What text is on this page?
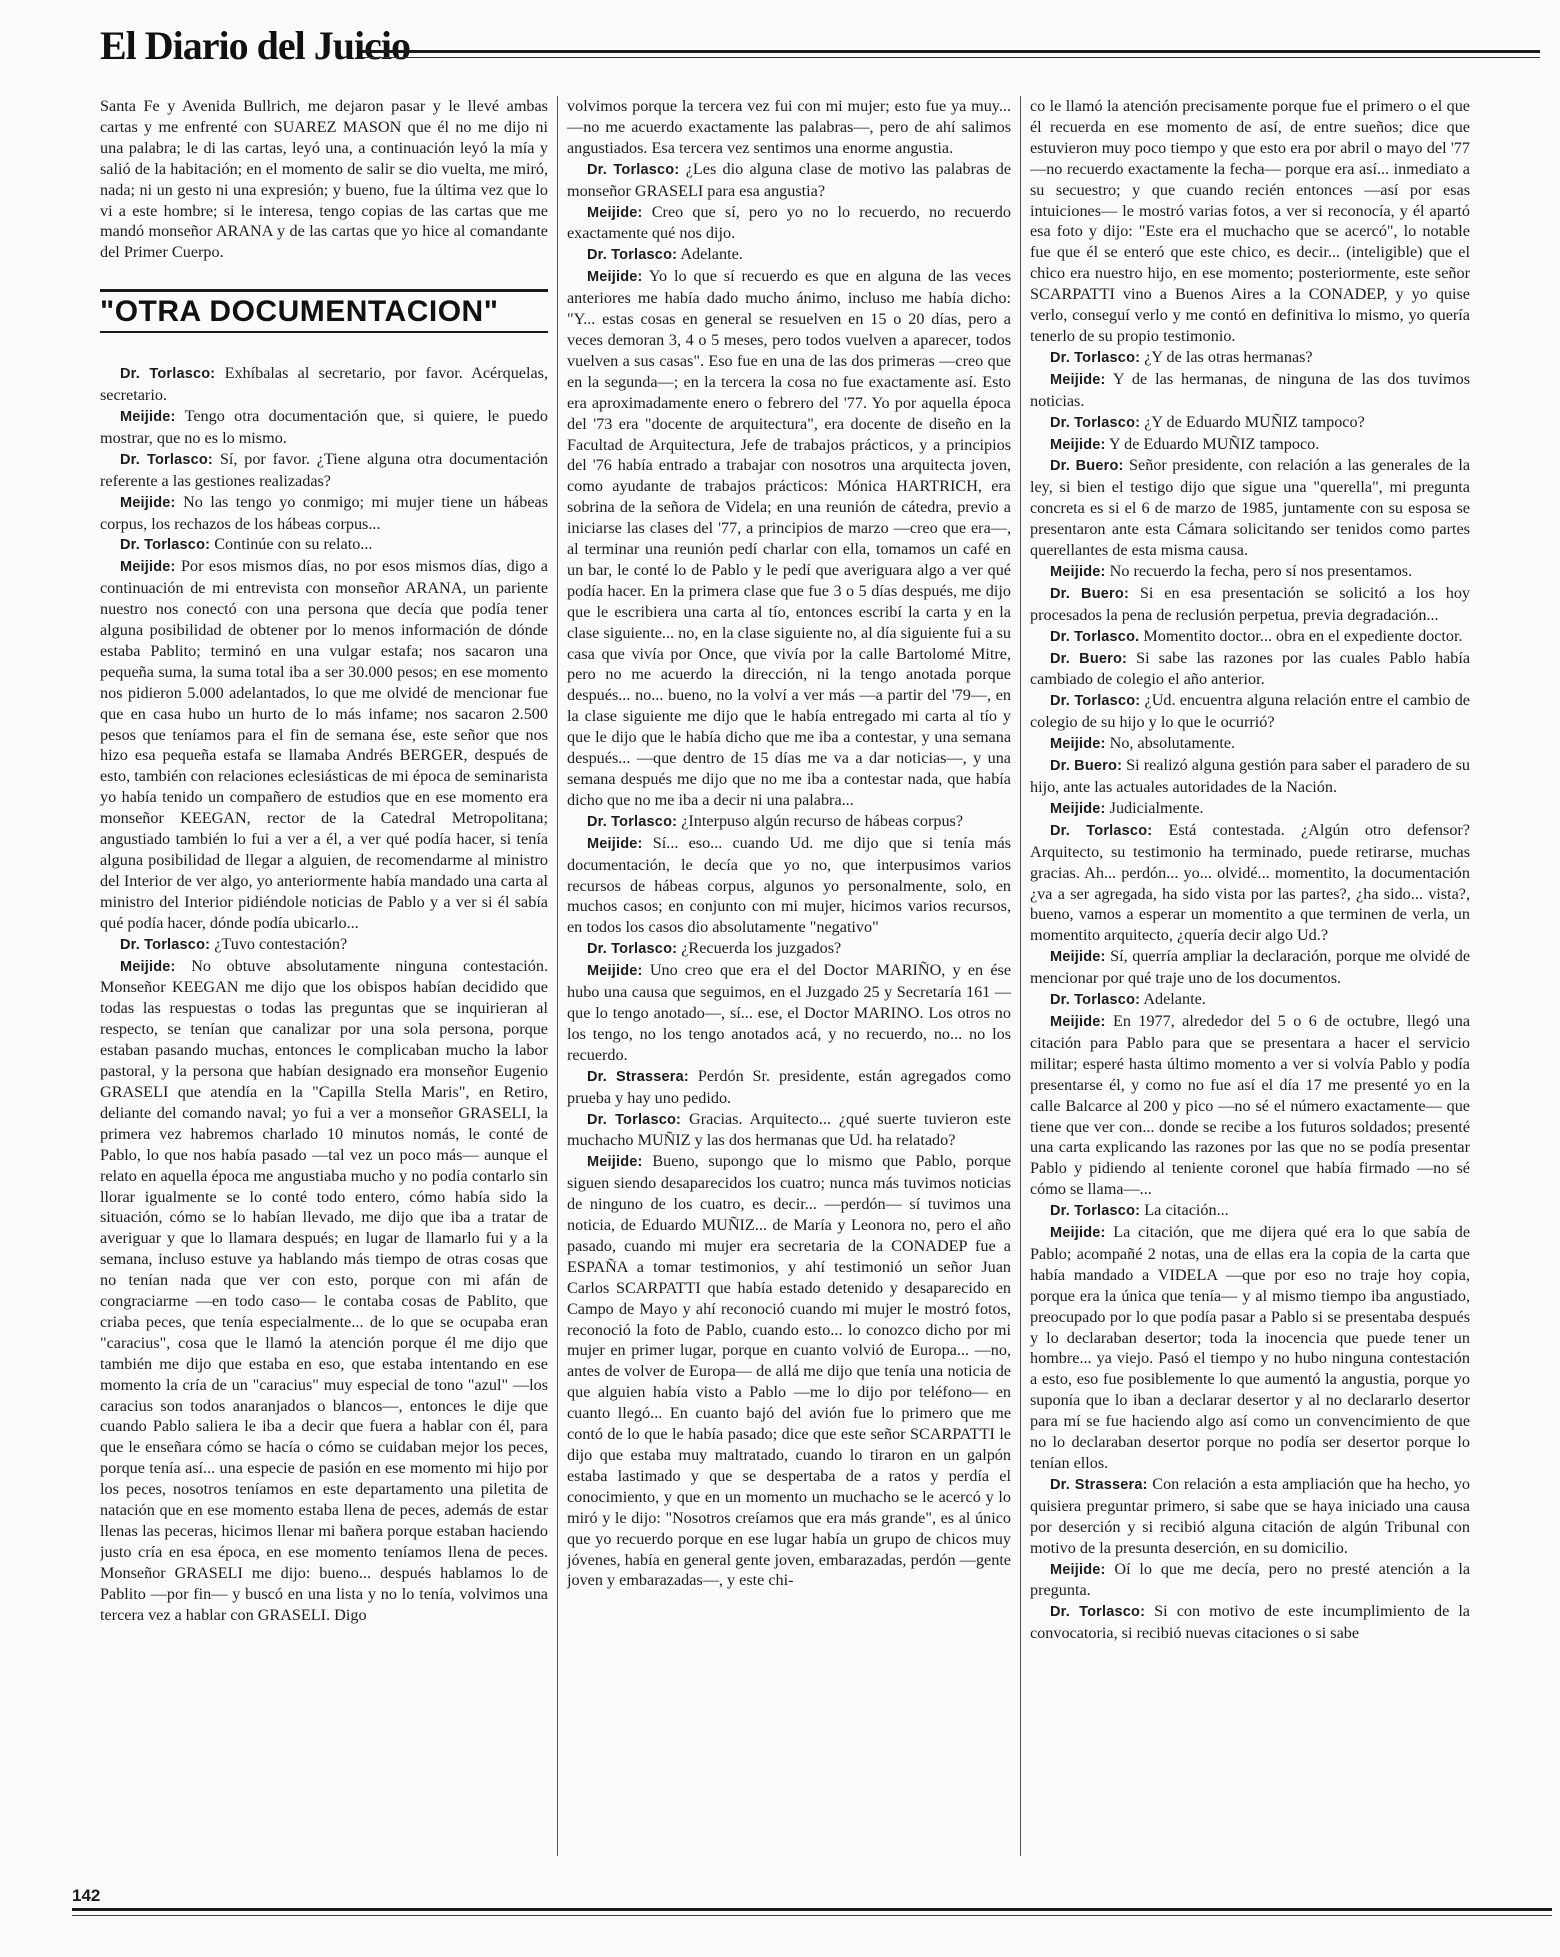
El Diario del Juicio

Santa Fe y Avenida Bullrich, me dejaron pasar y le llevé ambas cartas y me enfrenté con SUAREZ MASON que él no me dijo ni una palabra; le di las cartas, leyó una, a continuación leyó la mía y salió de la habitación; en el momento de salir se dio vuelta, me miró, nada; ni un gesto ni una expresión; y bueno, fue la última vez que lo vi a este hombre; si le interesa, tengo copias de las cartas que me mandó monseñor ARANA y de las cartas que yo hice al comandante del Primer Cuerpo.

"OTRA DOCUMENTACION"

Dr. Torlasco: Exhíbalas al secretario, por favor. Acérquelas, secretario.

Meijide: Tengo otra documentación que, si quiere, le puedo mostrar, que no es lo mismo.

Dr. Torlasco: Sí, por favor. ¿Tiene alguna otra documentación referente a las gestiones realizadas?

Meijide: No las tengo yo conmigo; mi mujer tiene un hábeas corpus, los rechazos de los hábeas corpus...

Dr. Torlasco: Continúe con su relato...

Meijide: Por esos mismos días, no por esos mismos días, digo a continuación de mi entrevista con monseñor ARANA, un pariente nuestro nos conectó con una persona que decía que podía tener alguna posibilidad de obtener por lo menos información de dónde estaba Pablito; terminó en una vulgar estafa; nos sacaron una pequeña suma, la suma total iba a ser 30.000 pesos; en ese momento nos pidieron 5.000 adelantados, lo que me olvidé de mencionar fue que en casa hubo un hurto de lo más infame; nos sacaron 2.500 pesos que teníamos para el fin de semana ése, este señor que nos hizo esa pequeña estafa se llamaba Andrés BERGER, después de esto, también con relaciones eclesiásticas de mi época de seminarista yo había tenido un compañero de estudios que en ese momento era monseñor KEEGAN, rector de la Catedral Metropolitana; angustiado también lo fui a ver a él, a ver qué podía hacer, si tenía alguna posibilidad de llegar a alguien, de recomendarme al ministro del Interior de ver algo, yo anteriormente había mandado una carta al ministro del Interior pidiéndole noticias de Pablo y a ver si él sabía qué podía hacer, dónde podía ubicarlo...

Dr. Torlasco: ¿Tuvo contestación?

Meijide: No obtuve absolutamente ninguna contestación. Monseñor KEEGAN me dijo que los obispos habían decidido que todas las respuestas o todas las preguntas que se inquirieran al respecto, se tenían que canalizar por una sola persona, porque estaban pasando muchas, entonces le complicaban mucho la labor pastoral, y la persona que habían designado era monseñor Eugenio GRASELI que atendía en la "Capilla Stella Maris", en Retiro, deliante del comando naval; yo fui a ver a monseñor GRASELI, la primera vez habremos charlado 10 minutos nomás, le conté de Pablo, lo que nos había pasado —tal vez un poco más— aunque el relato en aquella época me angustiaba mucho y no podía contarlo sin llorar igualmente se lo conté todo entero, cómo había sido la situación, cómo se lo habían llevado, me dijo que iba a tratar de averiguar y que lo llamara después; en lugar de llamarlo fui y a la semana, incluso estuve ya hablando más tiempo de otras cosas que no tenían nada que ver con esto, porque con mi afán de congraciarme —en todo caso— le contaba cosas de Pablito, que criaba peces, que tenía especialmente... de lo que se ocupaba eran "caracius", cosa que le llamó la atención porque él me dijo que también me dijo que estaba en eso, que estaba intentando en ese momento la cría de un "caracius" muy especial de tono "azul" —los caracius son todos anaranjados o blancos—, entonces le dije que cuando Pablo saliera le iba a decir que fuera a hablar con él, para que le enseñara cómo se hacía o cómo se cuidaban mejor los peces, porque tenía así... una especie de pasión en ese momento mi hijo por los peces, nosotros teníamos en este departamento una piletita de natación que en ese momento estaba llena de peces, además de estar llenas las peceras, hicimos llenar mi bañera porque estaban haciendo justo cría en esa época, en ese momento teníamos llena de peces. Monseñor GRASELI me dijo: bueno... después hablamos lo de Pablito —por fin— y buscó en una lista y no lo tenía, volvimos una tercera vez a hablar con GRASELI. Digo

volvimos porque la tercera vez fui con mi mujer; esto fue ya muy... —no me acuerdo exactamente las palabras—, pero de ahí salimos angustiados. Esa tercera vez sentimos una enorme angustia.

Dr. Torlasco: ¿Les dio alguna clase de motivo las palabras de monseñor GRASELI para esa angustia?

Meijide: Creo que sí, pero yo no lo recuerdo, no recuerdo exactamente qué nos dijo.

Dr. Torlasco: Adelante.

Meijide: Yo lo que sí recuerdo es que en alguna de las veces anteriores me había dado mucho ánimo, incluso me había dicho: "Y... estas cosas en general se resuelven en 15 o 20 días, pero a veces demoran 3, 4 o 5 meses, pero todos vuelven a aparecer, todos vuelven a sus casas". Eso fue en una de las dos primeras —creo que en la segunda—; en la tercera la cosa no fue exactamente así. Esto era aproximadamente enero o febrero del '77. Yo por aquella época del '73 era "docente de arquitectura", era docente de diseño en la Facultad de Arquitectura, Jefe de trabajos prácticos, y a principios del '76 había entrado a trabajar con nosotros una arquitecta joven, como ayudante de trabajos prácticos: Mónica HARTRICH, era sobrina de la señora de Videla; en una reunión de cátedra, previo a iniciarse las clases del '77, a principios de marzo —creo que era—, al terminar una reunión pedí charlar con ella, tomamos un café en un bar, le conté lo de Pablo y le pedí que averiguara algo a ver qué podía hacer. En la primera clase que fue 3 o 5 días después, me dijo que le escribiera una carta al tío, entonces escribí la carta y en la clase siguiente... no, en la clase siguiente no, al día siguiente fui a su casa que vivía por Once, que vivía por la calle Bartolomé Mitre, pero no me acuerdo la dirección, ni la tengo anotada porque después... no... bueno, no la volví a ver más —a partir del '79—, en la clase siguiente me dijo que le había entregado mi carta al tío y que le dijo que le había dicho que me iba a contestar, y una semana después... —que dentro de 15 días me va a dar noticias—, y una semana después me dijo que no me iba a contestar nada, que había dicho que no me iba a decir ni una palabra...

Dr. Torlasco: ¿Interpuso algún recurso de hábeas corpus?

Meijide: Sí... eso... cuando Ud. me dijo que si tenía más documentación, le decía que yo no, que interpusimos varios recursos de hábeas corpus, algunos yo personalmente, solo, en muchos casos; en conjunto con mi mujer, hicimos varios recursos, en todos los casos dio absolutamente "negativo"

Dr. Torlasco: ¿Recuerda los juzgados?

Meijide: Uno creo que era el del Doctor MARIÑO, y en ése hubo una causa que seguimos, en el Juzgado 25 y Secretaría 161 —que lo tengo anotado—, sí... ese, el Doctor MARINO. Los otros no los tengo, no los tengo anotados acá, y no recuerdo, no... no los recuerdo.

Dr. Strassera: Perdón Sr. presidente, están agregados como prueba y hay uno pedido.

Dr. Torlasco: Gracias. Arquitecto... ¿qué suerte tuvieron este muchacho MUÑIZ y las dos hermanas que Ud. ha relatado?

Meijide: Bueno, supongo que lo mismo que Pablo, porque siguen siendo desaparecidos los cuatro; nunca más tuvimos noticias de ninguno de los cuatro, es decir... —perdón— sí tuvimos una noticia, de Eduardo MUÑIZ... de María y Leonora no, pero el año pasado, cuando mi mujer era secretaria de la CONADEP fue a ESPAÑA a tomar testimonios, y ahí testimonió un señor Juan Carlos SCARPATTI que había estado detenido y desaparecido en Campo de Mayo y ahí reconoció cuando mi mujer le mostró fotos, reconoció la foto de Pablo, cuando esto... lo conozco dicho por mi mujer en primer lugar, porque en cuanto volvió de Europa... —no, antes de volver de Europa— de allá me dijo que tenía una noticia de que alguien había visto a Pablo —me lo dijo por teléfono— en cuanto llegó... En cuanto bajó del avión fue lo primero que me contó de lo que le había pasado; dice que este señor SCARPATTI le dijo que estaba muy maltratado, cuando lo tiraron en un galpón estaba lastimado y que se despertaba de a ratos y perdía el conocimiento, y que en un momento un muchacho se le acercó y lo miró y le dijo: "Nosotros creíamos que era más grande", es al único que yo recuerdo porque en ese lugar había un grupo de chicos muy jóvenes, había en general gente joven, embarazadas, perdón —gente joven y embarazadas—, y este chi-

co le llamó la atención precisamente porque fue el primero o el que él recuerda en ese momento de así, de entre sueños; dice que estuvieron muy poco tiempo y que esto era por abril o mayo del '77 —no recuerdo exactamente la fecha— porque era así... inmediato a su secuestro; y que cuando recién entonces —así por esas intuiciones— le mostró varias fotos, a ver si reconocía, y él apartó esa foto y dijo: "Este era el muchacho que se acercó", lo notable fue que él se enteró que este chico, es decir... (inteligible) que el chico era nuestro hijo, en ese momento; posteriormente, este señor SCARPATTI vino a Buenos Aires a la CONADEP, y yo quise verlo, conseguí verlo y me contó en definitiva lo mismo, yo quería tenerlo de su propio testimonio.

Dr. Torlasco: ¿Y de las otras hermanas?

Meijide: Y de las hermanas, de ninguna de las dos tuvimos noticias.

Dr. Torlasco: ¿Y de Eduardo MUÑIZ tampoco?

Meijide: Y de Eduardo MUÑIZ tampoco.

Dr. Buero: Señor presidente, con relación a las generales de la ley, si bien el testigo dijo que sigue una "querella", mi pregunta concreta es si el 6 de marzo de 1985, juntamente con su esposa se presentaron ante esta Cámara solicitando ser tenidos como partes querellantes de esta misma causa.

Meijide: No recuerdo la fecha, pero sí nos presentamos.

Dr. Buero: Si en esa presentación se solicitó a los hoy procesados la pena de reclusión perpetua, previa degradación...

Dr. Torlasco. Momentito doctor... obra en el expediente doctor.

Dr. Buero: Si sabe las razones por las cuales Pablo había cambiado de colegio el año anterior.

Dr. Torlasco: ¿Ud. encuentra alguna relación entre el cambio de colegio de su hijo y lo que le ocurrió?

Meijide: No, absolutamente.

Dr. Buero: Si realizó alguna gestión para saber el paradero de su hijo, ante las actuales autoridades de la Nación.

Meijide: Judicialmente.

Dr. Torlasco: Está contestada. ¿Algún otro defensor? Arquitecto, su testimonio ha terminado, puede retirarse, muchas gracias. Ah... perdón... yo... olvidé... momentito, la documentación ¿va a ser agregada, ha sido vista por las partes?, ¿ha sido... vista?, bueno, vamos a esperar un momentito a que terminen de verla, un momentito arquitecto, ¿quería decir algo Ud.?

Meijide: Sí, querría ampliar la declaración, porque me olvidé de mencionar por qué traje uno de los documentos.

Dr. Torlasco: Adelante.

Meijide: En 1977, alrededor del 5 o 6 de octubre, llegó una citación para Pablo para que se presentara a hacer el servicio militar; esperé hasta último momento a ver si volvía Pablo y podía presentarse él, y como no fue así el día 17 me presenté yo en la calle Balcarce al 200 y pico —no sé el número exactamente— que tiene que ver con... donde se recibe a los futuros soldados; presenté una carta explicando las razones por las que no se podía presentar Pablo y pidiendo al teniente coronel que había firmado —no sé cómo se llama—...

Dr. Torlasco: La citación...

Meijide: La citación, que me dijera qué era lo que sabía de Pablo; acompañé 2 notas, una de ellas era la copia de la carta que había mandado a VIDELA —que por eso no traje hoy copia, porque era la única que tenía— y al mismo tiempo iba angustiado, preocupado por lo que podía pasar a Pablo si se presentaba después y lo declaraban desertor; toda la inocencia que puede tener un hombre... ya viejo. Pasó el tiempo y no hubo ninguna contestación a esto, eso fue posiblemente lo que aumentó la angustia, porque yo suponía que lo iban a declarar desertor y al no declararlo desertor para mí se fue haciendo algo así como un convencimiento de que no lo declaraban desertor porque no podía ser desertor porque lo tenían ellos.

Dr. Strassera: Con relación a esta ampliación que ha hecho, yo quisiera preguntar primero, si sabe que se haya iniciado una causa por deserción y si recibió alguna citación de algún Tribunal con motivo de la presunta deserción, en su domicilio.

Meijide: Oí lo que me decía, pero no presté atención a la pregunta.

Dr. Torlasco: Si con motivo de este incumplimiento de la convocatoria, si recibió nuevas citaciones o si sabe

142
